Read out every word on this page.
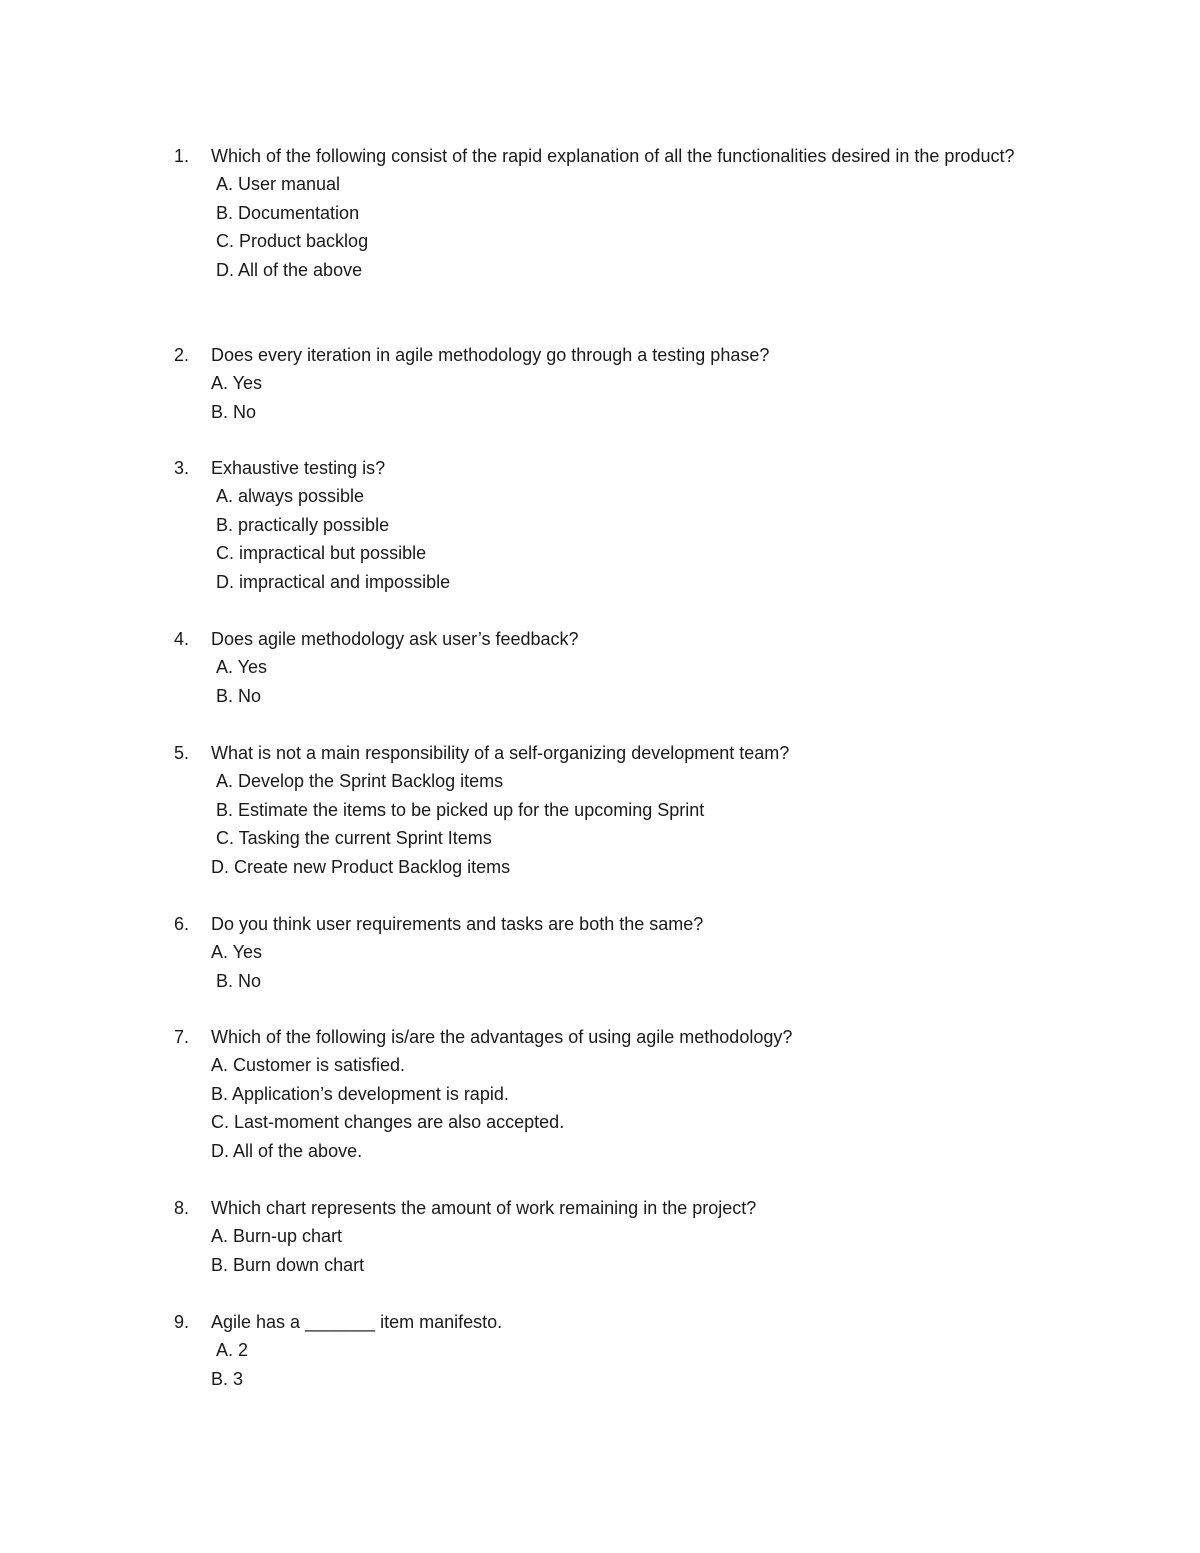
1.	Which of the following consist of the rapid explanation of all the functionalities desired in the product?
A. User manual
B. Documentation
C. Product backlog
D. All of the above
2.	Does every iteration in agile methodology go through a testing phase?
A. Yes
B. No
3.	Exhaustive testing is?
A. always possible
B. practically possible
C. impractical but possible
D. impractical and impossible
4.	Does agile methodology ask user’s feedback?
A. Yes
B. No
5.	What is not a main responsibility of a self-organizing development team?
A. Develop the Sprint Backlog items
B. Estimate the items to be picked up for the upcoming Sprint
C. Tasking the current Sprint Items
D. Create new Product Backlog items
6.	Do you think user requirements and tasks are both the same?
A. Yes
B. No
7.	Which of the following is/are the advantages of using agile methodology?
A. Customer is satisfied.
B. Application’s development is rapid.
C. Last-moment changes are also accepted.
D. All of the above.
8.	Which chart represents the amount of work remaining in the project?
A. Burn-up chart
B. Burn down chart
9.	Agile has a _______ item manifesto.
A. 2
B. 3
